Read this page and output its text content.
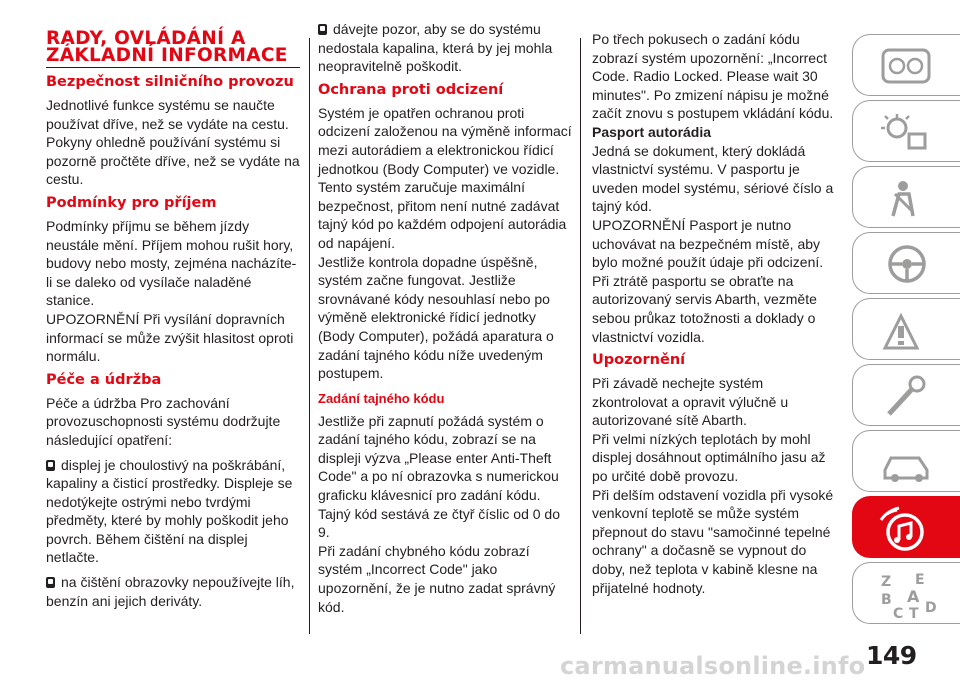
RADY, OVLÁDÁNÍ A ZÁKLADNÍ INFORMACE
Bezpečnost silničního provozu

Jednotlivé funkce systému se naučte používat dříve, než se vydáte na cestu. Pokyny ohledně používání systému si pozorně pročtěte dříve, než se vydáte na cestu.

Podmínky pro příjem

Podmínky příjmu se během jízdy neustále mění. Příjem mohou rušit hory, budovy nebo mosty, zejména nacházíte-li se daleko od vysílače naladěné stanice.

UPOZORNĚNÍ Při vysílání dopravních informací se může zvýšit hlasitost oproti normálu.

Péče a údržba

Péče a údržba Pro zachování provozuschopnosti systému dodržujte následující opatření:

displej je choulostivý na poškrábání, kapaliny a čisticí prostředky. Displeje se nedotýkejte ostrými nebo tvrdými předměty, které by mohly poškodit jeho povrch. Během čištění na displej netlačte.

na čištění obrazovky nepoužívejte líh, benzín ani jejich deriváty.

dávejte pozor, aby se do systému nedostala kapalina, která by jej mohla neopravitelně poškodit.

Ochrana proti odcizení

Systém je opatřen ochranou proti odcizení založenou na výměně informací mezi autorádiem a elektronickou řídicí jednotkou (Body Computer) ve vozidle.

Tento systém zaručuje maximální bezpečnost, přitom není nutné zadávat tajný kód po každém odpojení autorádia od napájení.

Jestliže kontrola dopadne úspěšně, systém začne fungovat. Jestliže srovnávané kódy nesouhlasí nebo po výměně elektronické řídicí jednotky (Body Computer), požádá aparatura o zadání tajného kódu níže uvedeným postupem.

Zadání tajného kódu

Jestliže při zapnutí požádá systém o zadání tajného kódu, zobrazí se na displeji výzva „Please enter Anti-Theft Code" a po ní obrazovka s numerickou graficku klávesnicí pro zadání kódu. Tajný kód sestává ze čtyř číslic od 0 do 9.

Při zadání chybného kódu zobrazí systém „Incorrect Code" jako upozornění, že je nutno zadat správný kód.

Po třech pokusech o zadání kódu zobrazí systém upozornění: „Incorrect Code. Radio Locked. Please wait 30 minutes". Po zmizení nápisu je možné začít znovu s postupem vkládání kódu.

Pasport autorádia

Jedná se dokument, který dokládá vlastnictví systému. V pasportu je uveden model systému, sériové číslo a tajný kód.

UPOZORNĚNÍ Pasport je nutno uchovávat na bezpečném místě, aby bylo možné použít údaje při odcizení. Při ztrátě pasportu se obraťte na autorizovaný servis Abarth, vezměte sebou průkaz totožnosti a doklady o vlastnictví vozidla.

Upozornění

Při závadě nechejte systém zkontrolovat a opravit výlučně u autorizované sítě Abarth.

Při velmi nízkých teplotách by mohl displej dosáhnout optimálního jasu až po určité době provozu.

Při delším odstavení vozidla při vysoké venkovní teplotě se může systém přepnout do stavu "samočinné tepelné ochrany" a dočasně se vypnout do doby, než teplota v kabině klesne na přijatelné hodnoty.	Z E
B A
C T D
149
carmanualsonline.info
